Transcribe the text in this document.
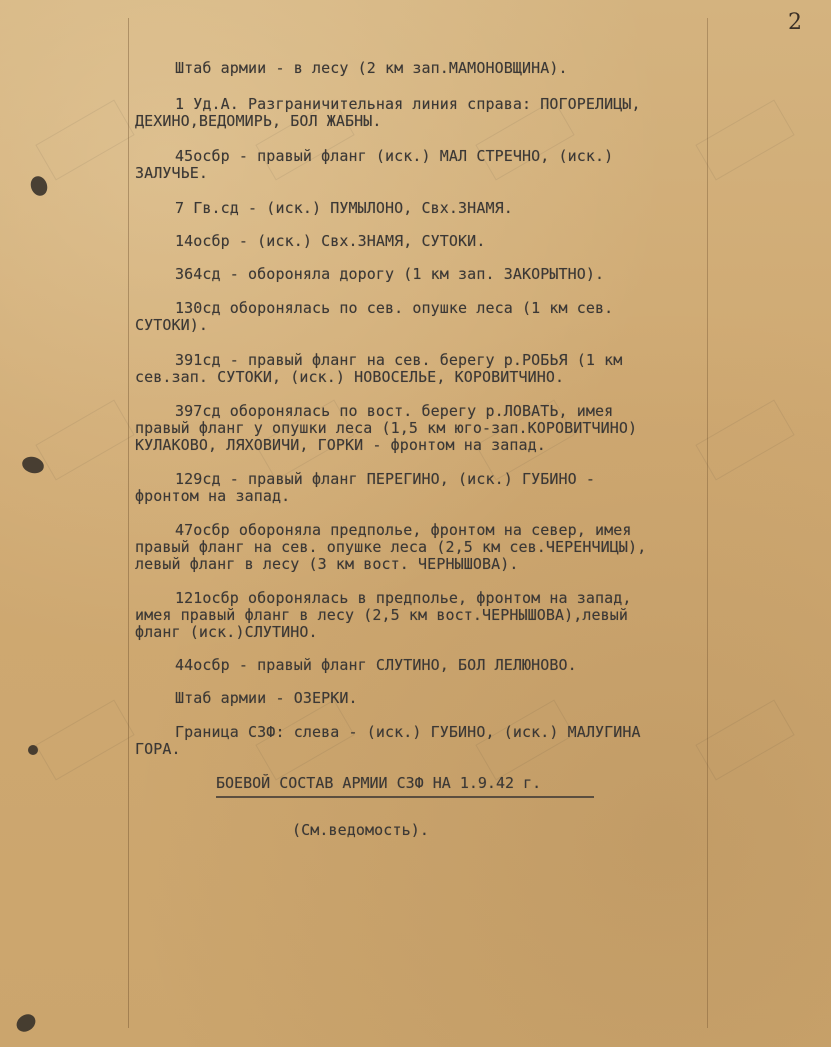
2
Штаб армии - в лесу (2 км зап.МАМОНОВЩИНА).
1 Уд.А. Разграничительная линия справа: ПОГОРЕЛИЦЫ,
ДЕХИНО,ВЕДОМИРЬ, БОЛ ЖАБНЫ.
45осбр - правый фланг (иск.) МАЛ СТРЕЧНО, (иск.)
ЗАЛУЧЬЕ.
7 Гв.сд - (иск.) ПУМЫЛОНО, Свх.ЗНАМЯ.
14осбр - (иск.) Свх.ЗНАМЯ, СУТОКИ.
364сд - обороняла дорогу (1 км зап. ЗАКОРЫТНО).
130сд оборонялась по сев. опушке леса (1 км сев.
СУТОКИ).
391сд - правый фланг на сев. берегу р.РОБЬЯ (1 км
сев.зап. СУТОКИ, (иск.) НОВОСЕЛЬЕ, КОРОВИТЧИНО.
397сд оборонялась по вост. берегу р.ЛОВАТЬ, имея
правый фланг у опушки леса (1,5 км юго-зап.КОРОВИТЧИНО)
КУЛАКОВО, ЛЯХОВИЧИ, ГОРКИ - фронтом на запад.
129сд - правый фланг ПЕРЕГИНО, (иск.) ГУБИНО -
фронтом на запад.
47осбр обороняла предполье, фронтом на север, имея
правый фланг на сев. опушке леса (2,5 км сев.ЧЕРЕНЧИЦЫ),
левый фланг в лесу (3 км вост. ЧЕРНЫШОВА).
121осбр оборонялась в предполье, фронтом на запад,
имея правый фланг в лесу (2,5 км вост.ЧЕРНЫШОВА),левый
фланг (иск.)СЛУТИНО.
44осбр - правый фланг СЛУТИНО, БОЛ ЛЕЛЮНОВО.
Штаб армии - ОЗЕРКИ.
Граница СЗФ: слева - (иск.) ГУБИНО, (иск.) МАЛУГИНА
ГОРА.
БОЕВОЙ СОСТАВ АРМИИ СЗФ НА 1.9.42 г.
(См.ведомость).
